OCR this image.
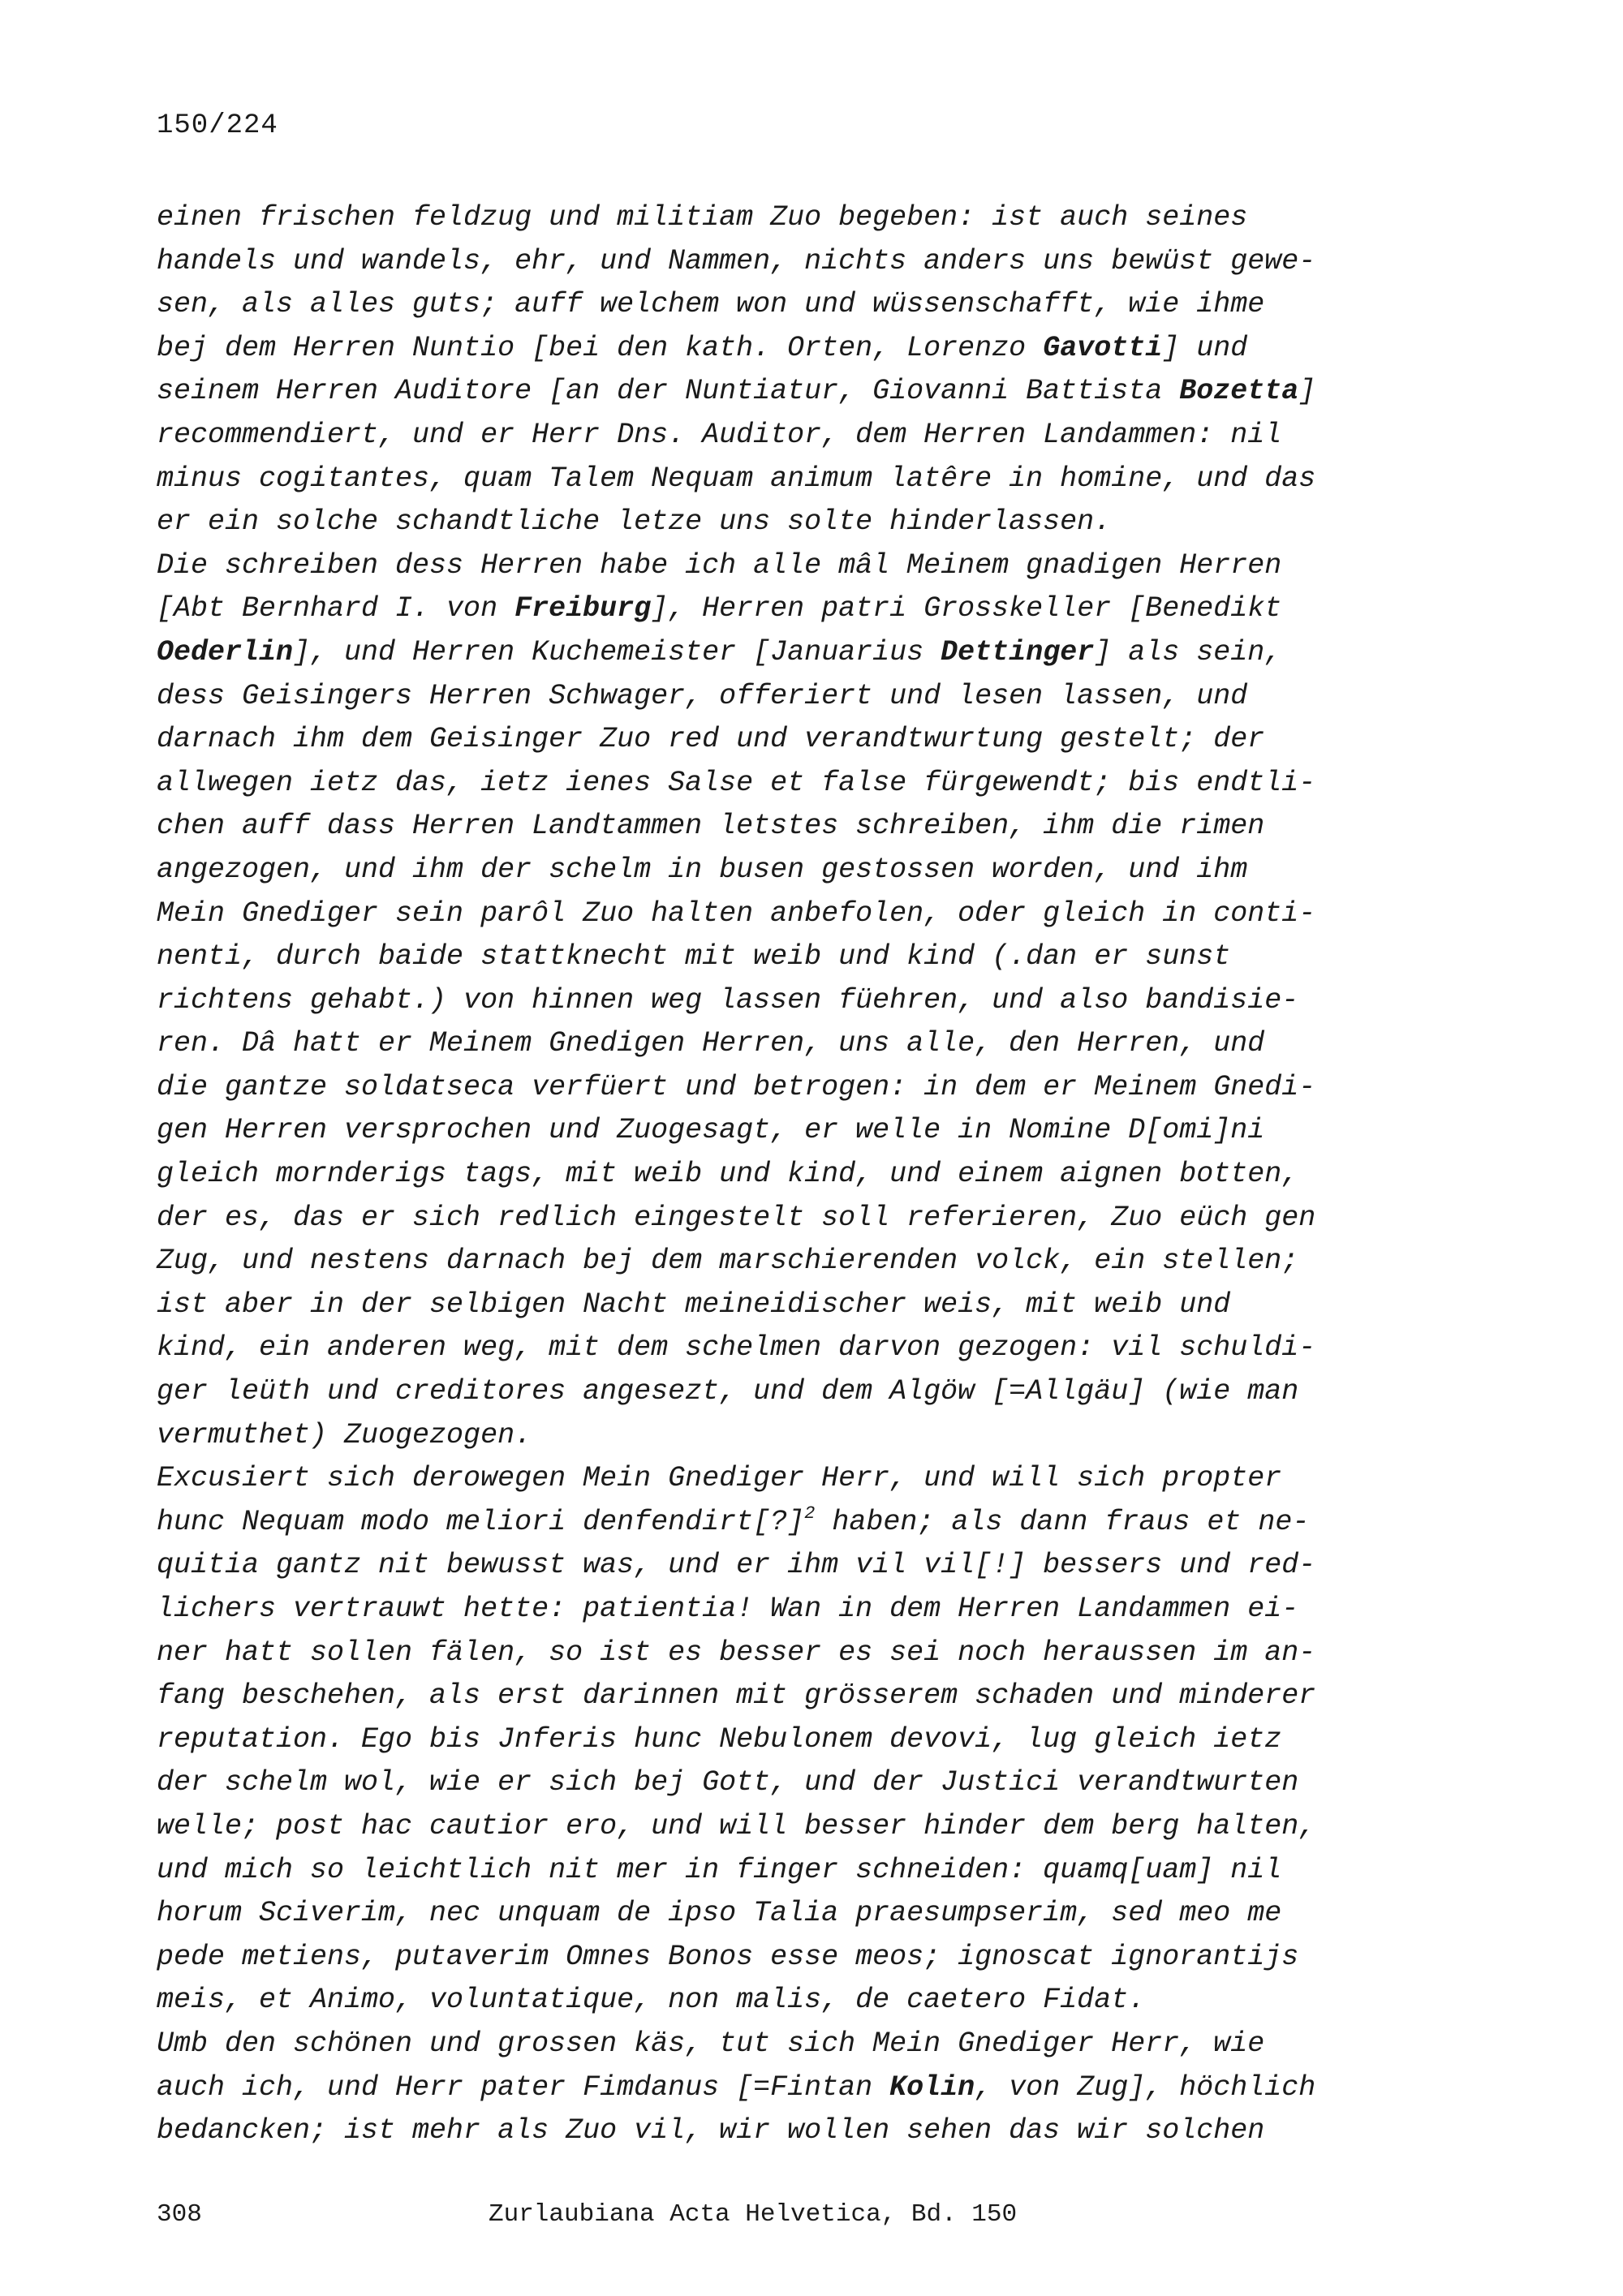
150/224
einen frischen feldzug und militiam Zuo begeben: ist auch seines
handels und wandels, ehr, und Nammen, nichts anders uns bewüst gewe-
sen, als alles guts; auff welchem won und wüssenschafft, wie ihme
bej dem Herren Nuntio [bei den kath. Orten, Lorenzo Gavotti] und
seinem Herren Auditore [an der Nuntiatur, Giovanni Battista Bozetta]
recommendiert, und er Herr Dns. Auditor, dem Herren Landammen: nil
minus cogitantes, quam Talem Nequam animum latêre in homine, und das
er ein solche schandtliche letze uns solte hinderlassen.
Die schreiben dess Herren habe ich alle mâl Meinem gnadigen Herren
[Abt Bernhard I. von Freiburg], Herren patri Grosskeller [Benedikt
Oederlin], und Herren Kuchemeister [Januarius Dettinger] als sein,
dess Geisingers Herren Schwager, offeriert und lesen lassen, und
darnach ihm dem Geisinger Zuo red und verandtwurtung gestelt; der
allwegen ietz das, ietz ienes Salse et false fürgewendt; bis endtli-
chen auff dass Herren Landtammen letstes schreiben, ihm die rimen
angezogen, und ihm der schelm in busen gestossen worden, und ihm
Mein Gnediger sein parôl Zuo halten anbefolen, oder gleich in conti-
nenti, durch baide stattknecht mit weib und kind (.dan er sunst
richtens gehabt.) von hinnen weg lassen füehren, und also bandisie-
ren. Dâ hatt er Meinem Gnedigen Herren, uns alle, den Herren, und
die gantze soldatseca verfüert und betrogen: in dem er Meinem Gnedi-
gen Herren versprochen und Zuogesagt, er welle in Nomine D[omi]ni
gleich mornderigs tags, mit weib und kind, und einem aignen botten,
der es, das er sich redlich eingestelt soll referieren, Zuo eüch gen
Zug, und nestens darnach bej dem marschierenden volck, ein stellen;
ist aber in der selbigen Nacht meineidischer weis, mit weib und
kind, ein anderen weg, mit dem schelmen darvon gezogen: vil schuldi-
ger leüth und creditores angesezt, und dem Algöw [=Allgäu] (wie man
vermuthet) Zuogezogen.
Excusiert sich derowegen Mein Gnediger Herr, und will sich propter
hunc Nequam modo meliori denfendirt[?]$^2$ haben; als dann fraus et ne-
quitia gantz nit bewusst was, und er ihm vil vil[!] bessers und red-
lichers vertrauwt hette: patientia! Wan in dem Herren Landammen ei-
ner hatt sollen fälen, so ist es besser es sei noch heraussen im an-
fang beschehen, als erst darinnen mit grösserem schaden und minderer
reputation. Ego bis Jnferis hunc Nebulonem devovi, lug gleich ietz
der schelm wol, wie er sich bej Gott, und der Justici verandtwurten
welle; post hac cautior ero, und will besser hinder dem berg halten,
und mich so leichtlich nit mer in finger schneiden: quamq[uam] nil
horum Sciverim, nec unquam de ipso Talia praesumpserim, sed meo me
pede metiens, putaverim Omnes Bonos esse meos; ignoscat ignorantijs
meis, et Animo, voluntatique, non malis, de caetero Fidat.
Umb den schönen und grossen käs, tut sich Mein Gnediger Herr, wie
auch ich, und Herr pater Fimdanus [=Fintan Kolin, von Zug], höchlich
bedancken; ist mehr als Zuo vil, wir wollen sehen das wir solchen
308	Zurlaubiana Acta Helvetica, Bd. 150
